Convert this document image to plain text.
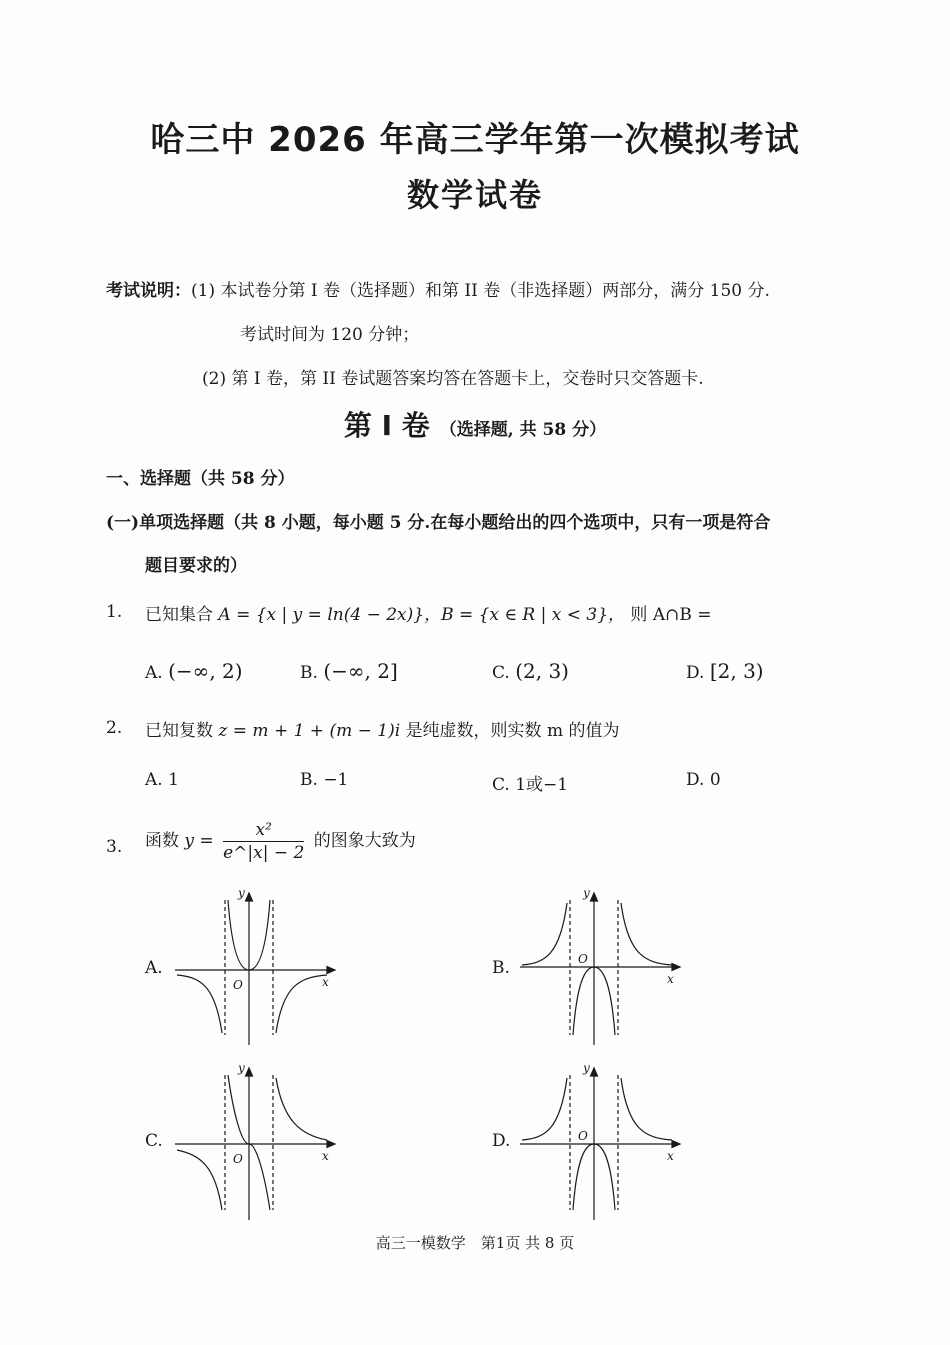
哈三中 2026 年高三学年第一次模拟考试
数学试卷
考试说明：(1) 本试卷分第 I 卷（选择题）和第 II 卷（非选择题）两部分，满分 150 分.
考试时间为 120 分钟；
(2) 第 I 卷，第 II 卷试题答案均答在答题卡上，交卷时只交答题卡.
第 I 卷 （选择题, 共 58 分）
一、选择题（共 58 分）
(一)单项选择题（共 8 小题，每小题 5 分.在每小题给出的四个选项中，只有一项是符合
题目要求的）
1. 已知集合 A = {x | y = ln(4 − 2x)}，B = {x ∈ R | x < 3}， 则 A∩B =
A. (−∞, 2)	B. (−∞, 2]	C. (2, 3)	D. [2, 3)
2. 已知复数 z = m + 1 + (m − 1)i 是纯虚数，则实数 m 的值为
A. 1	B. −1	C. 1或−1	D. 0
3. 函数 $y = \frac{\text{x²}}{e\^{}|x| - 2}$ 的图象大致为
A.	B.
C.	D.
y
x
O
y
x
O
y
x
O
y
x
O
高三一模数学　第1页 共 8 页
